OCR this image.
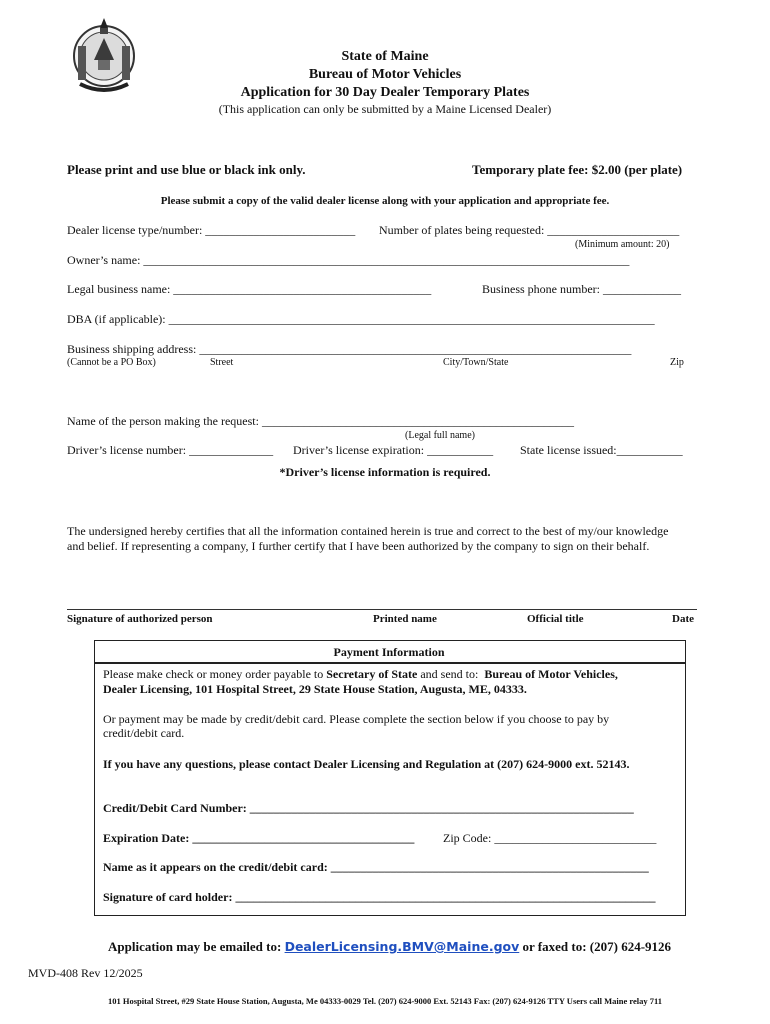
State of Maine
Bureau of Motor Vehicles
Application for 30 Day Dealer Temporary Plates
(This application can only be submitted by a Maine Licensed Dealer)
Please print and use blue or black ink only.	Temporary plate fee: $2.00 (per plate)
Please submit a copy of the valid dealer license along with your application and appropriate fee.
Dealer license type/number: _________________________ Number of plates being requested: ______________________
(Minimum amount: 20)
Owner’s name: _________________________________________________________________________________
Legal business name: ___________________________________________	Business phone number: _____________
DBA (if applicable): _________________________________________________________________________________
Business shipping address: ________________________________________________________________________
(Cannot be a PO Box)	Street	City/Town/State	Zip
Name of the person making the request: ____________________________________________________
(Legal full name)
Driver’s license number: ______________ Driver’s license expiration: ___________ State license issued:___________
*Driver’s license information is required.
The undersigned hereby certifies that all the information contained herein is true and correct to the best of my/our knowledge
and belief. If representing a company, I further certify that I have been authorized by the company to sign on their behalf.
Signature of authorized person	Printed name	Official title	Date
Payment Information
Please make check or money order payable to Secretary of State and send to: Bureau of Motor Vehicles,
Dealer Licensing, 101 Hospital Street, 29 State House Station, Augusta, ME, 04333.
Or payment may be made by credit/debit card. Please complete the section below if you choose to pay by
credit/debit card.
If you have any questions, please contact Dealer Licensing and Regulation at (207) 624-9000 ext. 52143.
Credit/Debit Card Number: ________________________________________________________________
Expiration Date: _____________________________________ Zip Code: ___________________________
Name as it appears on the credit/debit card: _____________________________________________________
Signature of card holder: ______________________________________________________________________
Application may be emailed to: DealerLicensing.BMV@Maine.gov or faxed to: (207) 624-9126
MVD-408 Rev 12/2025
101 Hospital Street, #29 State House Station, Augusta, Me 04333-0029 Tel. (207) 624-9000 Ext. 52143 Fax: (207) 624-9126 TTY Users call Maine relay 711
